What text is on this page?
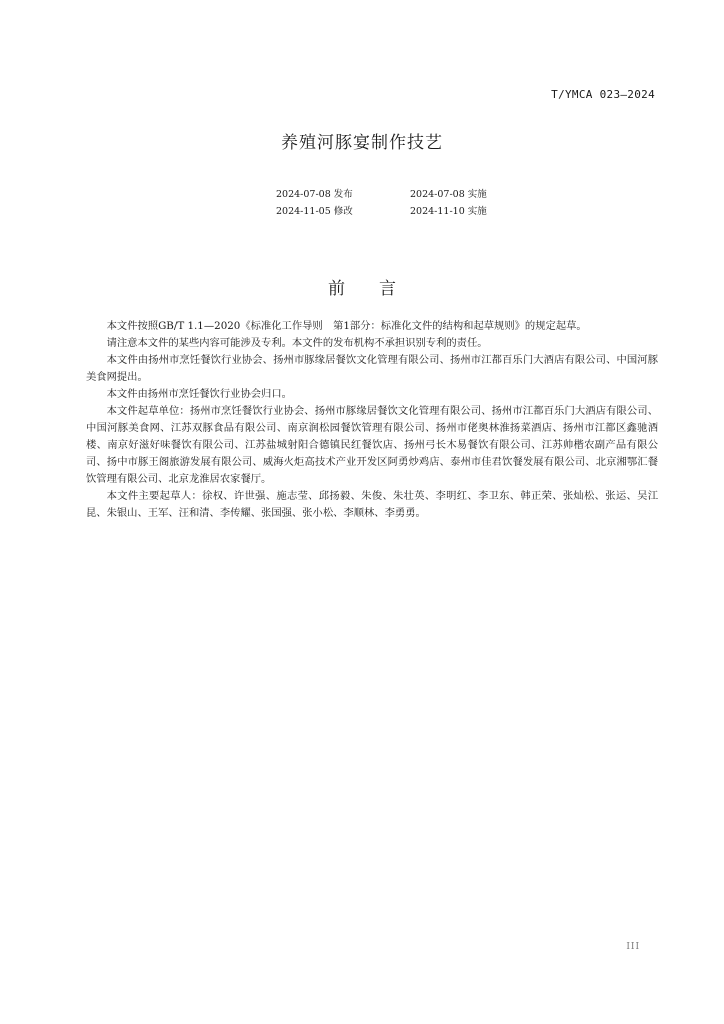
T/YMCA 023—2024
养殖河豚宴制作技艺
2024-07-08 发布	2024-07-08 实施
2024-11-05 修改	2024-11-10 实施
前言

本文件按照GB/T 1.1—2020《标准化工作导则　第1部分：标准化文件的结构和起草规则》的规定起草。

请注意本文件的某些内容可能涉及专利。本文件的发布机构不承担识别专利的责任。

本文件由扬州市烹饪餐饮行业协会、扬州市豚缘居餐饮文化管理有限公司、扬州市江都百乐门大酒店有限公司、中国河豚美食网提出。

本文件由扬州市烹饪餐饮行业协会归口。

本文件起草单位：扬州市烹饪餐饮行业协会、扬州市豚缘居餐饮文化管理有限公司、扬州市江都百乐门大酒店有限公司、中国河豚美食网、江苏双豚食品有限公司、南京润松园餐饮管理有限公司、扬州市佬奥林淮扬菜酒店、扬州市江都区鑫驰酒楼、南京好滋好味餐饮有限公司、江苏盐城射阳合德镇民红餐饮店、扬州弓长木易餐饮有限公司、江苏帅楷农副产品有限公司、扬中市豚王阁旅游发展有限公司、威海火炬高技术产业开发区阿勇炒鸡店、泰州市佳君饮餐发展有限公司、北京湘鄂汇餐饮管理有限公司、北京龙淮居农家餐厅。

本文件主要起草人：徐权、许世强、施志莹、邱扬毅、朱俊、朱壮英、李明红、李卫东、韩正荣、张灿松、张运、吴江昆、朱银山、王军、汪和清、李传耀、张国强、张小松、李顺林、李勇勇。

III
